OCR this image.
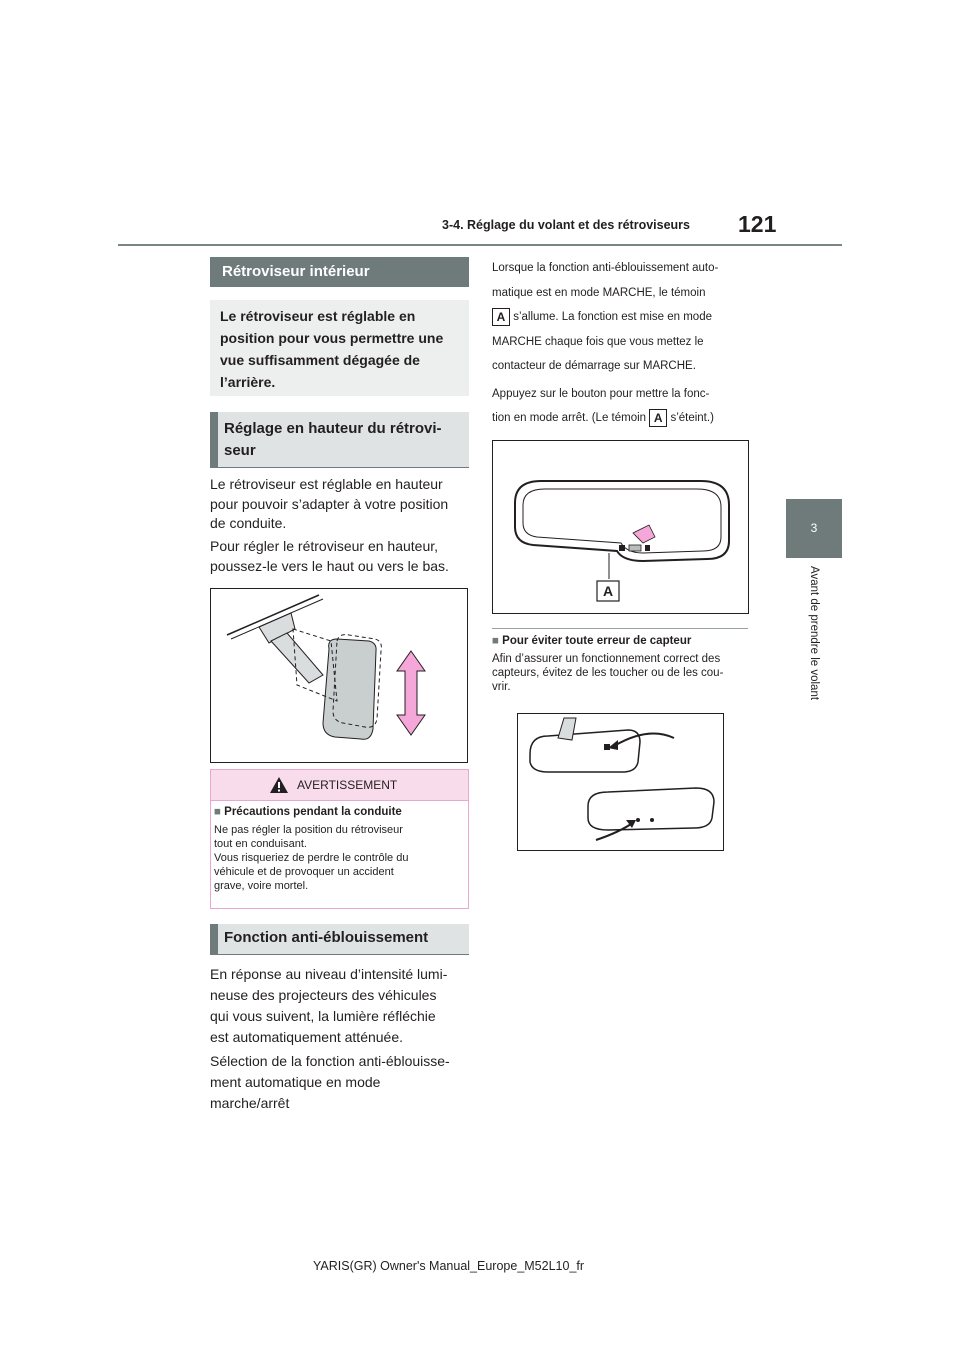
3-4. Réglage du volant et des rétroviseurs 121
3
Avant de prendre le volant
Rétroviseur intérieur
Le rétroviseur est réglable en
position pour vous permettre une
vue suffisamment dégagée de
l’arrière.
Réglage en hauteur du rétrovi-
seur
Le rétroviseur est réglable en hauteur
pour pouvoir s’adapter à votre position
de conduite.
Pour régler le rétroviseur en hauteur,
poussez-le vers le haut ou vers le bas.
AVERTISSEMENT
■ Précautions pendant la conduite
Ne pas régler la position du rétroviseur
tout en conduisant.
Vous risqueriez de perdre le contrôle du
véhicule et de provoquer un accident
grave, voire mortel.
Fonction anti-éblouissement
En réponse au niveau d’intensité lumi-
neuse des projecteurs des véhicules
qui vous suivent, la lumière réfléchie
est automatiquement atténuée.
Sélection de la fonction anti-éblouisse-
ment automatique en mode
marche/arrêt
Lorsque la fonction anti-éblouissement auto-
matique est en mode MARCHE, le témoin
A s’allume. La fonction est mise en mode
MARCHE chaque fois que vous mettez le
contacteur de démarrage sur MARCHE.
Appuyez sur le bouton pour mettre la fonc-
tion en mode arrêt. (Le témoin A s’éteint.)
A
■ Pour éviter toute erreur de capteur
Afin d’assurer un fonctionnement correct des
capteurs, évitez de les toucher ou de les cou-
vrir.
YARIS(GR) Owner's Manual_Europe_M52L10_fr
